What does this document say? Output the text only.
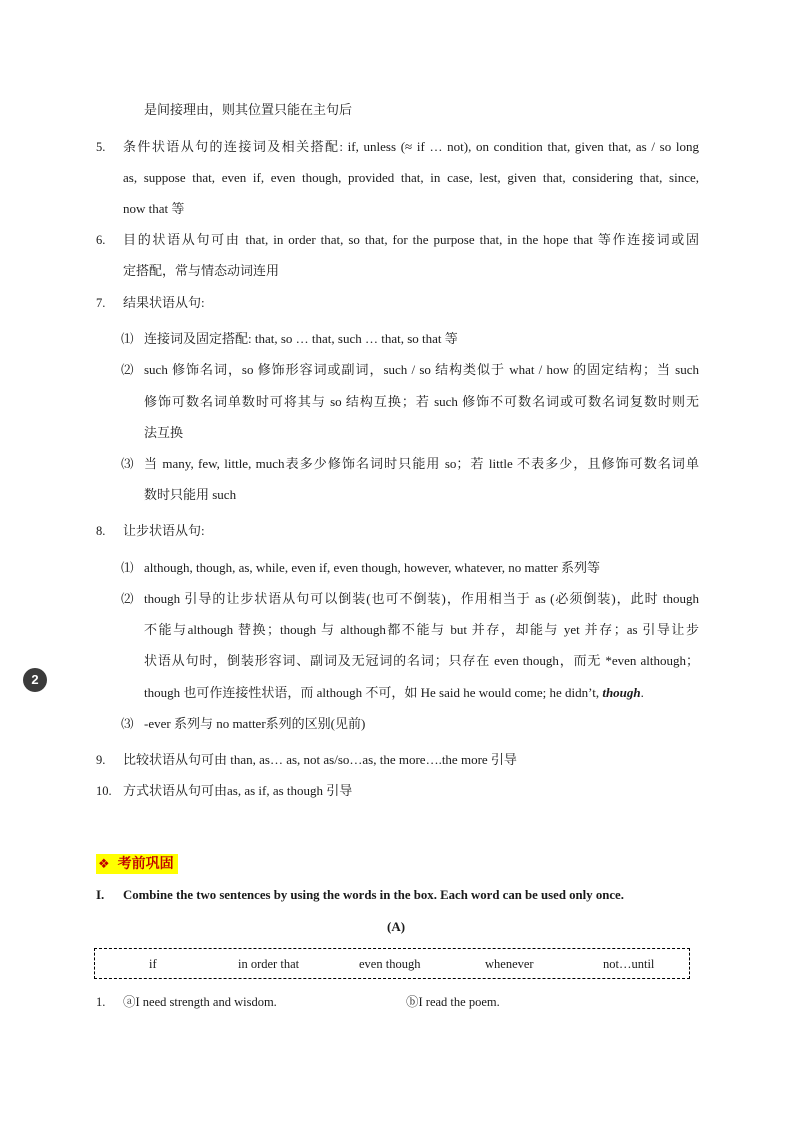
是间接理由，则其位置只能在主句后
5. 条件状语从句的连接词及相关搭配: if, unless (≈ if … not), on condition that, given that, as / so long
as, suppose that, even if, even though, provided that, in case, lest, given that, considering that, since,
now that 等
6. 目的状语从句可由 that, in order that, so that, for the purpose that, in the hope that 等作连接词或固
定搭配，常与情态动词连用
7. 结果状语从句:
⑴ 连接词及固定搭配: that, so … that, such … that, so that 等
⑵ such 修饰名词，so 修饰形容词或副词，such / so 结构类似于 what / how 的固定结构；当 such
修饰可数名词单数时可将其与 so 结构互换；若 such 修饰不可数名词或可数名词复数时则无
法互换
⑶ 当 many, few, little, much表多少修饰名词时只能用 so；若 little 不表多少，且修饰可数名词单
数时只能用 such
8. 让步状语从句:
⑴ although, though, as, while, even if, even though, however, whatever, no matter 系列等
⑵ though 引导的让步状语从句可以倒装(也可不倒装)，作用相当于 as (必须倒装)，此时 though
不能与although 替换；though 与 although都不能与 but 并存，却能与 yet 并存；as 引导让步
状语从句时，倒装形容词、副词及无冠词的名词；只存在 even though，而无 *even although；
though 也可作连接性状语，而 although 不可，如 He said he would come; he didn’t, though.
⑶ -ever 系列与 no matter系列的区别(见前)
9. 比较状语从句可由 than, as… as, not as/so…as, the more….the more 引导
10. 方式状语从句可由as, as if, as though 引导
2
❖ 考前巩固
I. Combine the two sentences by using the words in the box. Each word can be used only once.
(A)
if	in order that	even though	whenever	not…until
1. ⓐI need strength and wisdom.	ⓑI read the poem.
